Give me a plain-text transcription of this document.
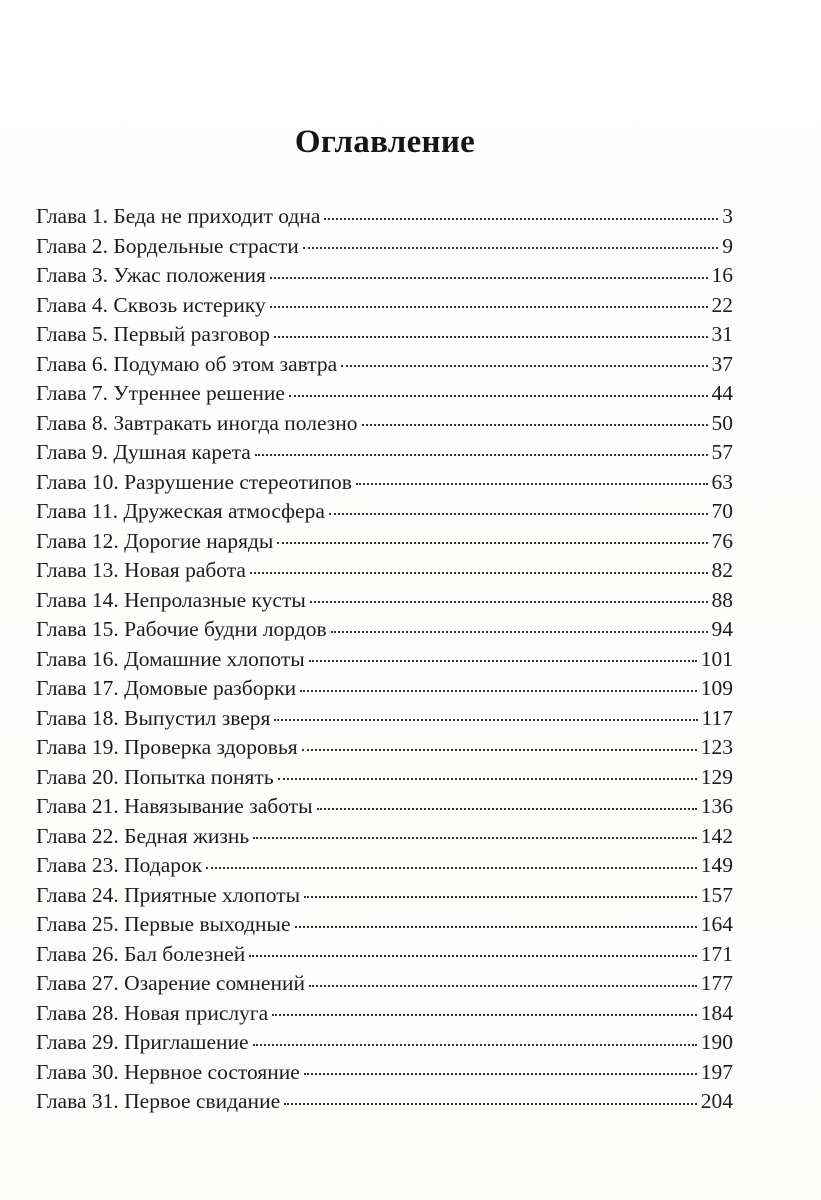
Оглавление
Глава 1. Беда не приходит одна	3
Глава 2. Бордельные страсти	9
Глава 3. Ужас положения	16
Глава 4. Сквозь истерику	22
Глава 5. Первый разговор	31
Глава 6. Подумаю об этом завтра	37
Глава 7. Утреннее решение	44
Глава 8. Завтракать иногда полезно	50
Глава 9. Душная карета	57
Глава 10. Разрушение стереотипов	63
Глава 11. Дружеская атмосфера	70
Глава 12. Дорогие наряды	76
Глава 13. Новая работа	82
Глава 14. Непролазные кусты	88
Глава 15. Рабочие будни лордов	94
Глава 16. Домашние хлопоты	101
Глава 17. Домовые разборки	109
Глава 18. Выпустил зверя	117
Глава 19. Проверка здоровья	123
Глава 20. Попытка понять	129
Глава 21. Навязывание заботы	136
Глава 22. Бедная жизнь	142
Глава 23. Подарок	149
Глава 24. Приятные хлопоты	157
Глава 25. Первые выходные	164
Глава 26. Бал болезней	171
Глава 27. Озарение сомнений	177
Глава 28. Новая прислуга	184
Глава 29. Приглашение	190
Глава 30. Нервное состояние	197
Глава 31. Первое свидание	204
